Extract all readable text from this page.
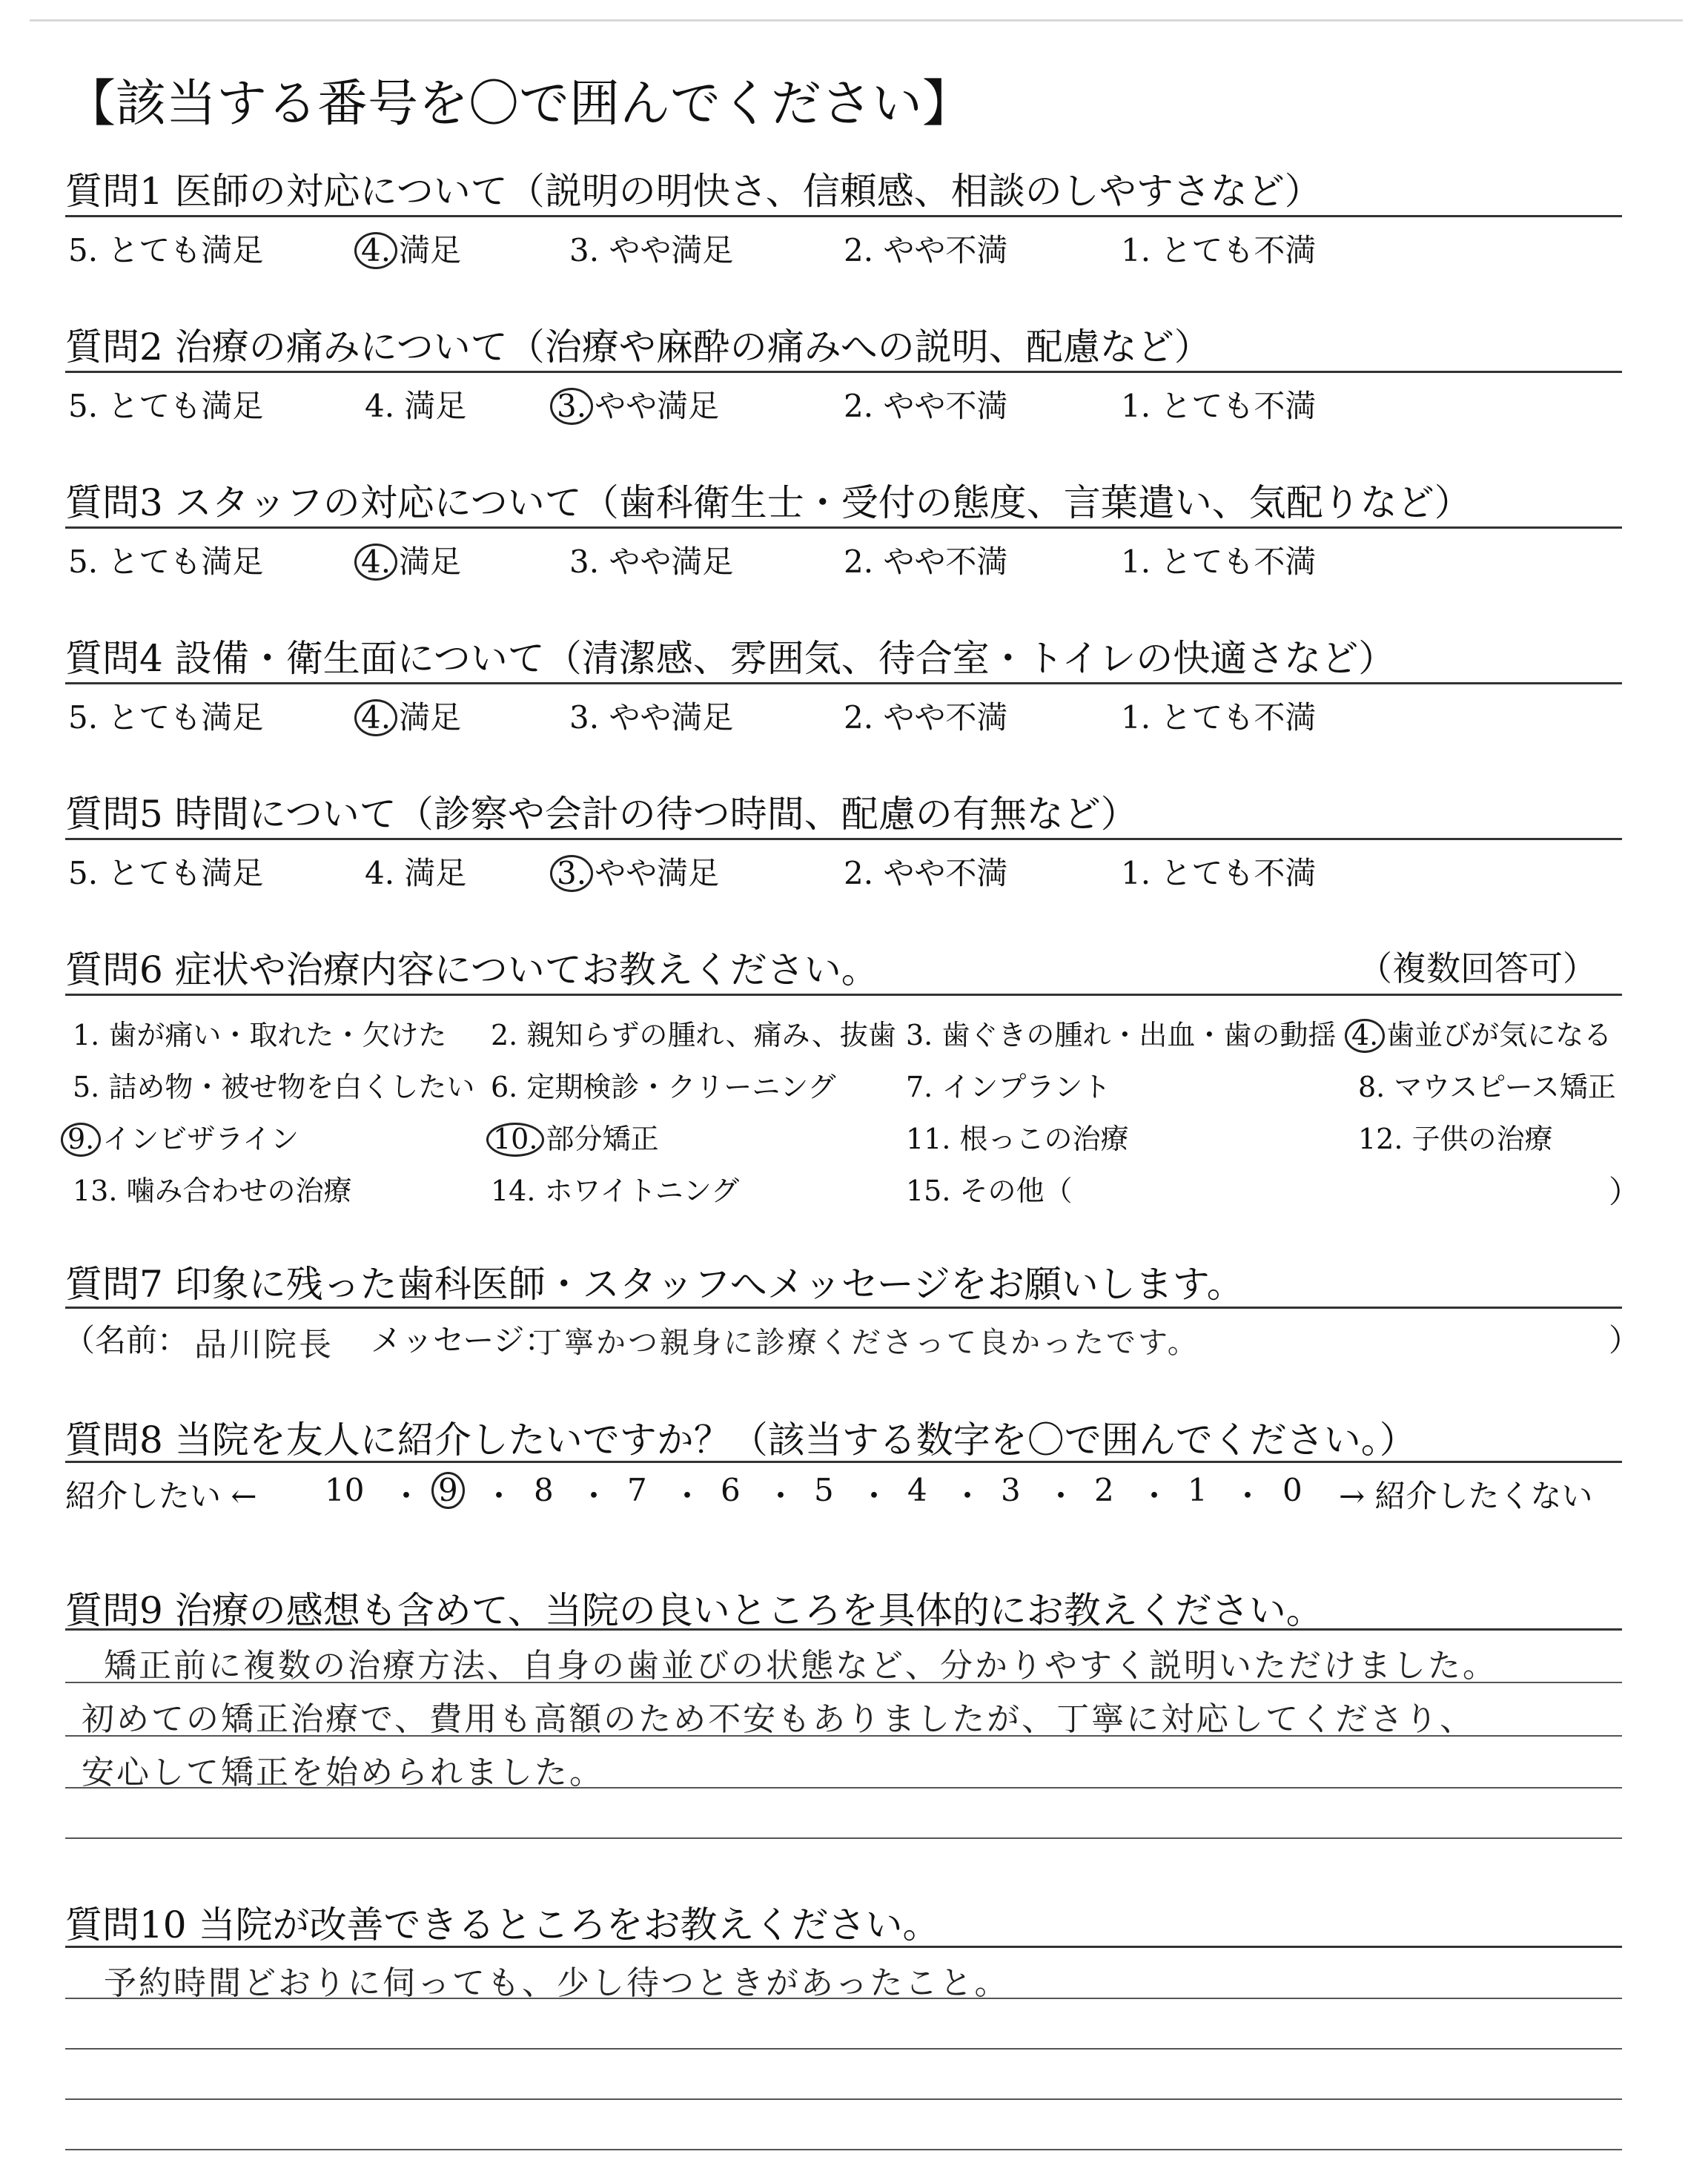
【該当する番号を〇で囲んでください】
質問1 医師の対応について（説明の明快さ、信頼感、相談のしやすさなど）
5. とても満足	4. 満足	3. やや満足	2. やや不満	1. とても不満
質問2 治療の痛みについて（治療や麻酔の痛みへの説明、配慮など）
5. とても満足	4. 満足	3. やや満足	2. やや不満	1. とても不満
質問3 スタッフの対応について（歯科衛生士・受付の態度、言葉遣い、気配りなど）
5. とても満足	4. 満足	3. やや満足	2. やや不満	1. とても不満
質問4 設備・衛生面について（清潔感、雰囲気、待合室・トイレの快適さなど）
5. とても満足	4. 満足	3. やや満足	2. やや不満	1. とても不満
質問5 時間について（診察や会計の待つ時間、配慮の有無など）
5. とても満足	4. 満足	3. やや満足	2. やや不満	1. とても不満
質問6 症状や治療内容についてお教えください。	（複数回答可）
1. 歯が痛い・取れた・欠けた 2. 親知らずの腫れ、痛み、抜歯 3. 歯ぐきの腫れ・出血・歯の動揺 4. 歯並びが気になる
5. 詰め物・被せ物を白くしたい 6. 定期検診・クリーニング 7. インプラント	8. マウスピース矯正
9. インビザライン	10. 部分矯正	11. 根っこの治療	12. 子供の治療
13. 噛み合わせの治療	14. ホワイトニング	15. その他（	）
質問7 印象に残った歯科医師・スタッフへメッセージをお願いします。
（名前： 品川院長 メッセージ：
丁寧かつ親身に診療くださって良かったです。	）
質問8 当院を友人に紹介したいですか？（該当する数字を〇で囲んでください。）
紹介したい ← 10 ・ 9 ・ 8 ・ 7 ・ 6 ・ 5 ・ 4 ・ 3 ・ 2 ・ 1 ・ 0 → 紹介したくない
質問9 治療の感想も含めて、当院の良いところを具体的にお教えください。
矯正前に複数の治療方法、自身の歯並びの状態など、分かりやすく説明いただけました。
初めての矯正治療で、費用も高額のため不安もありましたが、丁寧に対応してくださり、
安心して矯正を始められました。
質問10 当院が改善できるところをお教えください。
予約時間どおりに伺っても、少し待つときがあったこと。
